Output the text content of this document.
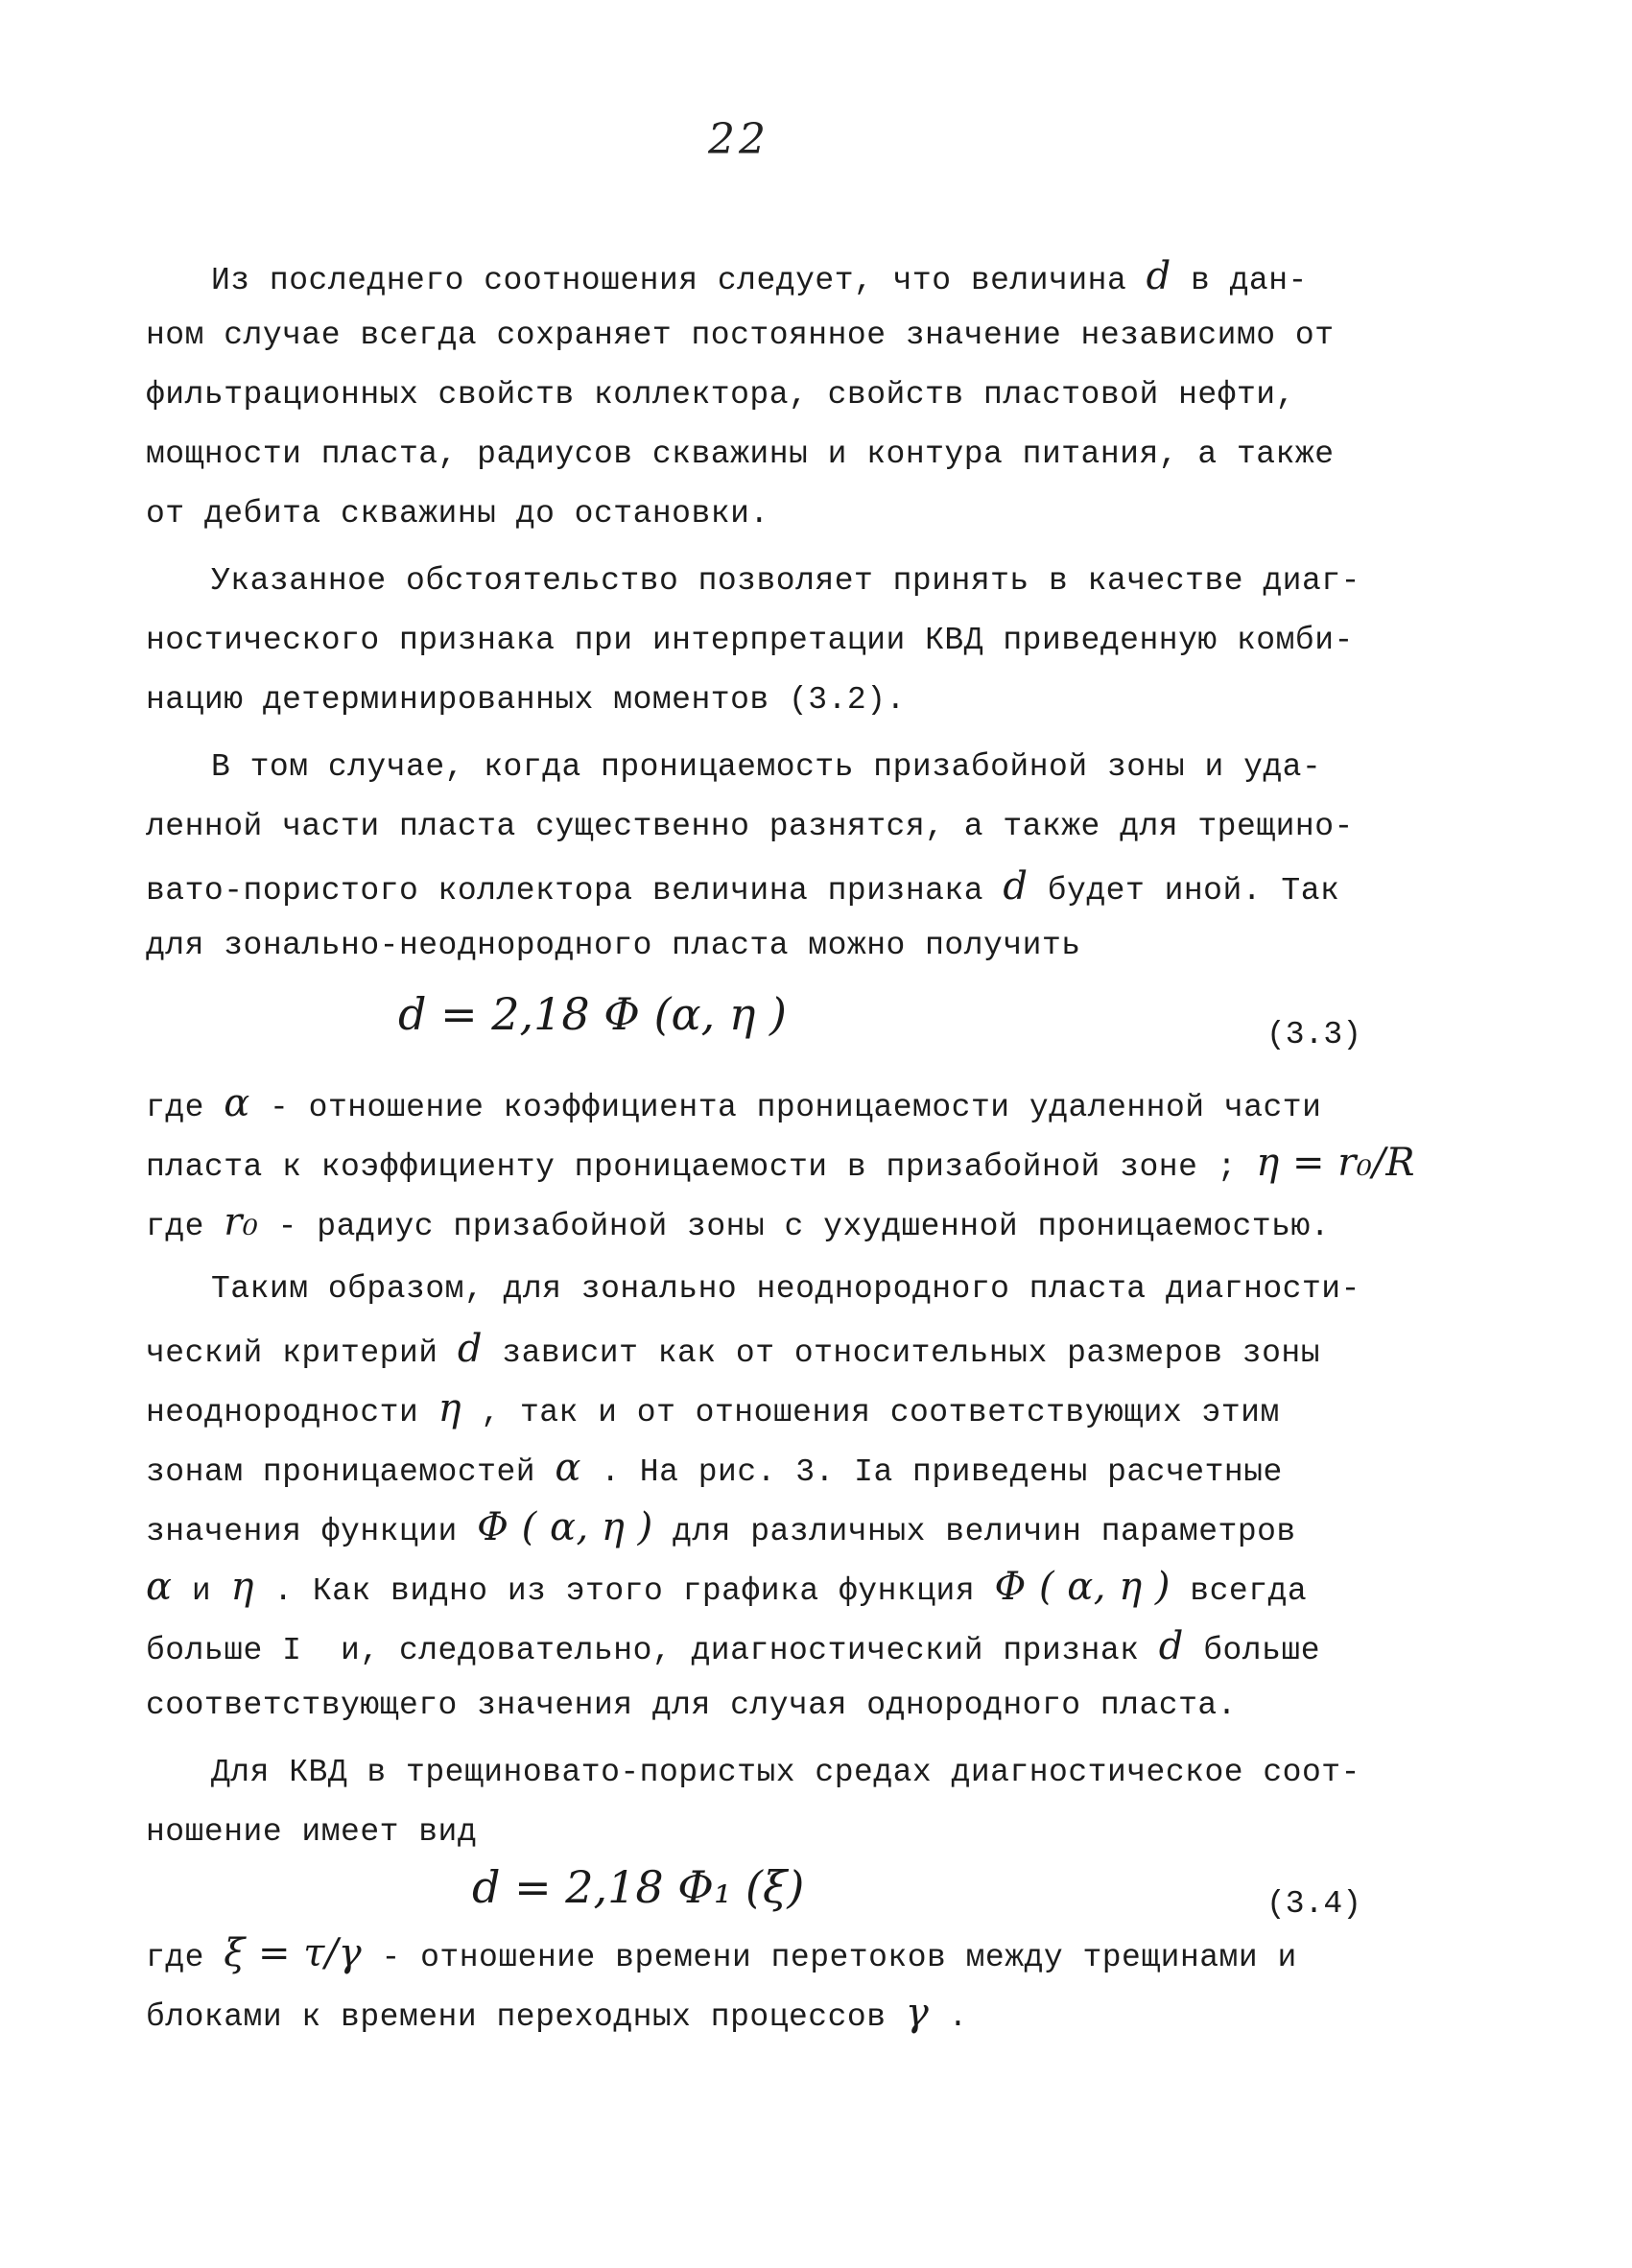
22
Из последнего соотношения следует, что величина d в дан-
ном случае всегда сохраняет постоянное значение независимо от
фильтрационных свойств коллектора, свойств пластовой нефти,
мощности пласта, радиусов скважины и контура питания, а также
от дебита скважины до остановки.
Указанное обстоятельство позволяет принять в качестве диаг-
ностического признака при интерпретации КВД приведенную комби-
нацию детерминированных моментов (3.2).
В том случае, когда проницаемость призабойной зоны и уда-
ленной части пласта существенно разнятся, а также для трещино-
вато-пористого коллектора величина признака d будет иной. Так
для зонально-неоднородного пласта можно получить
d = 2,18 Φ (α, η )	(3.3)
где α - отношение коэффициента проницаемости удаленной части
пласта к коэффициенту проницаемости в призабойной зоне ; η = r₀/R
где r₀ - радиус призабойной зоны с ухудшенной проницаемостью.
Таким образом, для зонально неоднородного пласта диагности-
ческий критерий d зависит как от относительных размеров зоны
неоднородности η , так и от отношения соответствующих этим
зонам проницаемостей α . На рис. 3. Iа приведены расчетные
значения функции Φ ( α, η ) для различных величин параметров
α и η . Как видно из этого графика функция Φ ( α, η ) всегда
больше I  и, следовательно, диагностический признак d больше
соответствующего значения для случая однородного пласта.
Для КВД в трещиновато-пористых средах диагностическое соот-
ношение имеет вид
d = 2,18 Φ₁ (ξ)	(3.4)
где ξ = τ/γ - отношение времени перетоков между трещинами и
блоками к времени переходных процессов γ .
